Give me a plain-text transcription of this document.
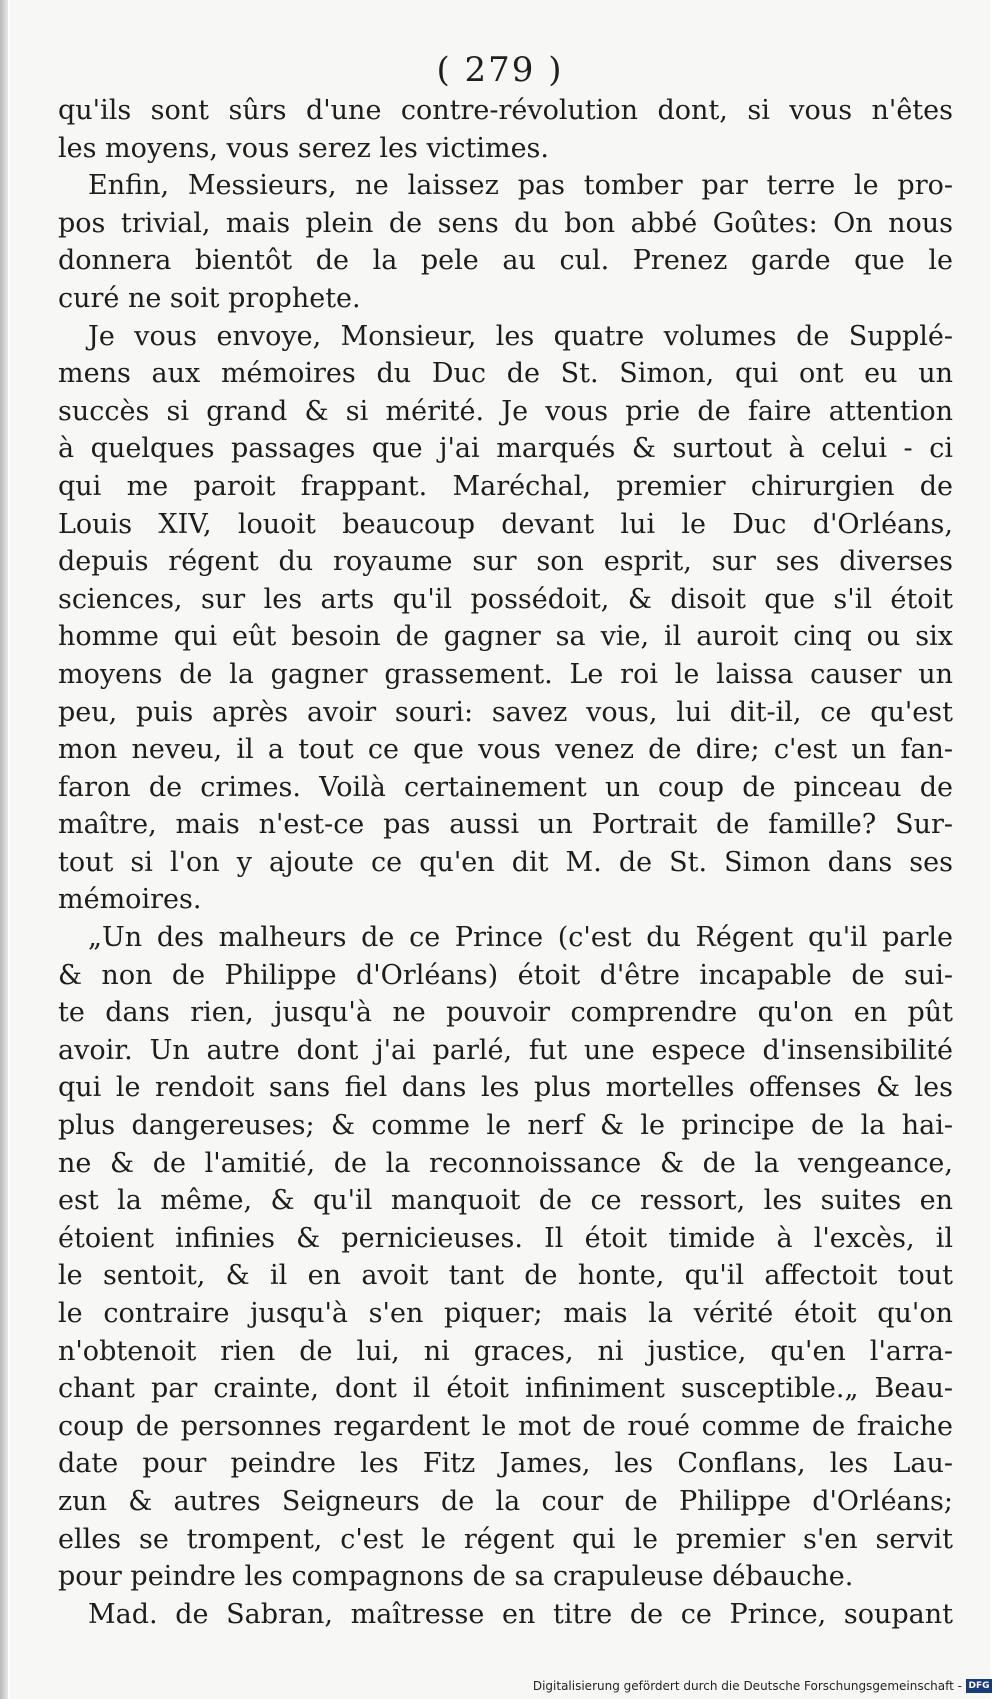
( 279 )
qu'ils sont sûrs d'une contre-révolution dont, si vous n'êtes
les moyens, vous serez les victimes.
Enfin, Messieurs, ne laissez pas tomber par terre le pro-
pos trivial, mais plein de sens du bon abbé Goûtes: On nous
donnera bientôt de la pele au cul. Prenez garde que le
curé ne soit prophete.
Je vous envoye, Monsieur, les quatre volumes de Supplé-
mens aux mémoires du Duc de St. Simon, qui ont eu un
succès si grand & si mérité. Je vous prie de faire attention
à quelques passages que j'ai marqués & surtout à celui - ci
qui me paroit frappant. Maréchal, premier chirurgien de
Louis XIV, louoit beaucoup devant lui le Duc d'Orléans,
depuis régent du royaume sur son esprit, sur ses diverses
sciences, sur les arts qu'il possédoit, & disoit que s'il étoit
homme qui eût besoin de gagner sa vie, il auroit cinq ou six
moyens de la gagner grassement. Le roi le laissa causer un
peu, puis après avoir souri: savez vous, lui dit-il, ce qu'est
mon neveu, il a tout ce que vous venez de dire; c'est un fan-
faron de crimes. Voilà certainement un coup de pinceau de
maître, mais n'est-ce pas aussi un Portrait de famille? Sur-
tout si l'on y ajoute ce qu'en dit M. de St. Simon dans ses
mémoires.
„Un des malheurs de ce Prince (c'est du Régent qu'il parle
& non de Philippe d'Orléans) étoit d'être incapable de sui-
te dans rien, jusqu'à ne pouvoir comprendre qu'on en pût
avoir. Un autre dont j'ai parlé, fut une espece d'insensibilité
qui le rendoit sans fiel dans les plus mortelles offenses & les
plus dangereuses; & comme le nerf & le principe de la hai-
ne & de l'amitié, de la reconnoissance & de la vengeance,
est la même, & qu'il manquoit de ce ressort, les suites en
étoient infinies & pernicieuses. Il étoit timide à l'excès, il
le sentoit, & il en avoit tant de honte, qu'il affectoit tout
le contraire jusqu'à s'en piquer; mais la vérité étoit qu'on
n'obtenoit rien de lui, ni graces, ni justice, qu'en l'arra-
chant par crainte, dont il étoit infiniment susceptible.„ Beau-
coup de personnes regardent le mot de roué comme de fraiche
date pour peindre les Fitz James, les Conflans, les Lau-
zun & autres Seigneurs de la cour de Philippe d'Orléans;
elles se trompent, c'est le régent qui le premier s'en servit
pour peindre les compagnons de sa crapuleuse débauche.
Mad. de Sabran, maîtresse en titre de ce Prince, soupant
Digitalisierung gefördert durch die Deutsche Forschungsgemeinschaft - DFG
